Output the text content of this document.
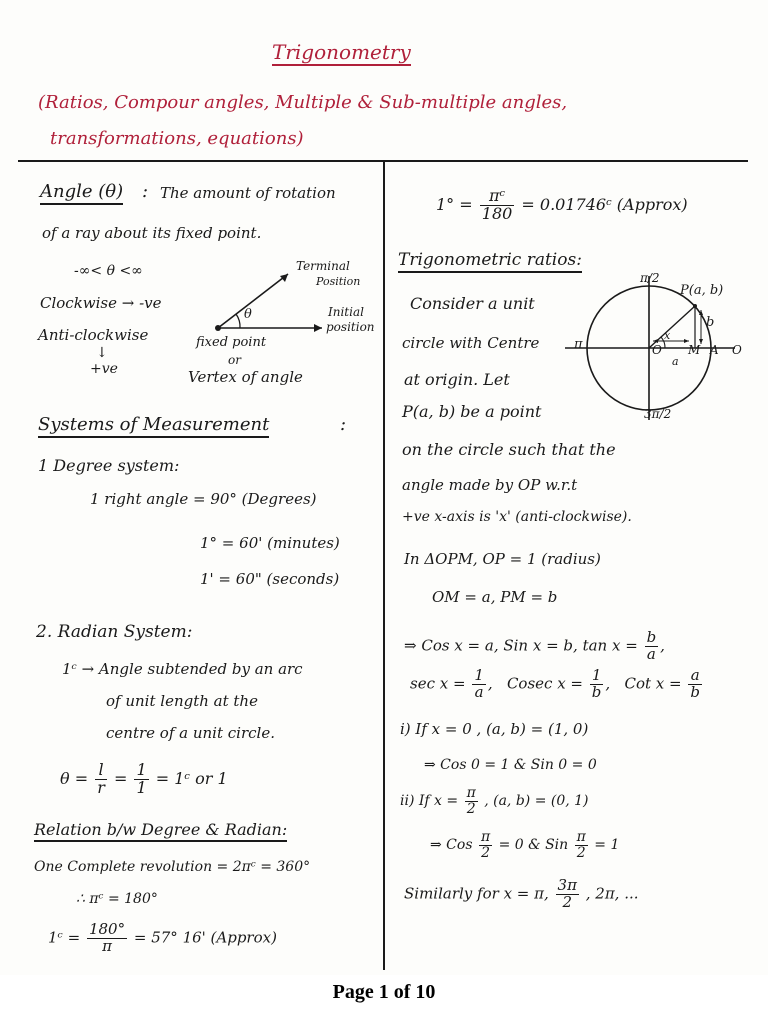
Trigonometry
(Ratios, Compour angles, Multiple & Sub-multiple angles,
transformations, equations)
Angle (θ) : The amount of rotation
of a ray about its fixed point.
-∞< θ <∞
Clockwise → -ve
Anti-clockwise
↓
+ve
Terminal
Position
Initial
position
θ
fixed point
or
Vertex of angle
Systems of Measurement	:
1 Degree system:
1 right angle = 90° (Degrees)
1° = 60' (minutes)
1' = 60" (seconds)
2. Radian System:
1ᶜ → Angle subtended by an arc
of unit length at the
centre of a unit circle.
$\theta = \frac{l}{r} = \frac{1}{1}$ = 1ᶜ or 1
Relation b/w Degree & Radian:
One Complete revolution = 2πᶜ = 360°
∴ πᶜ = 180°
1ᶜ = $\frac{180^\circ}{\pi} = 57^\circ$ 16' (Approx)
$1^\circ = \frac{\text{πᶜ}}{180}$ = 0.01746ᶜ (Approx)
Trigonometric ratios:
Consider a unit
circle with Centre
at origin. Let
P(a, b) be a point
on the circle such that the
angle made by OP w.r.t
+ve x-axis is 'x' (anti-clockwise).
π/2
P(a, b)
b
π	O
x
M A O
a
3π/2
In ΔOPM, OP = 1 (radius)
OM = a, PM = b
⇒ Cos x = a, Sin x = b, $\tan x = \frac{b}{a}$ ,
$\sec x = \frac{1}{a}$ ,   Cosec $x = \frac{1}{b}$ ,   Cot $x = \frac{a}{b}$
i) If x = 0 , (a, b) = (1, 0)
⇒ Cos 0 = 1 & Sin 0 = 0
ii) If $x = \frac{\pi}{2}$ , (a, b) = (0, 1)
⇒ Cos $\frac{\pi}{2} = 0$ & Sin $\frac{\pi}{2} = 1$
Similarly for x = π, $\frac{3\pi}{2}$ , 2π, ...
Page 1 of 10
